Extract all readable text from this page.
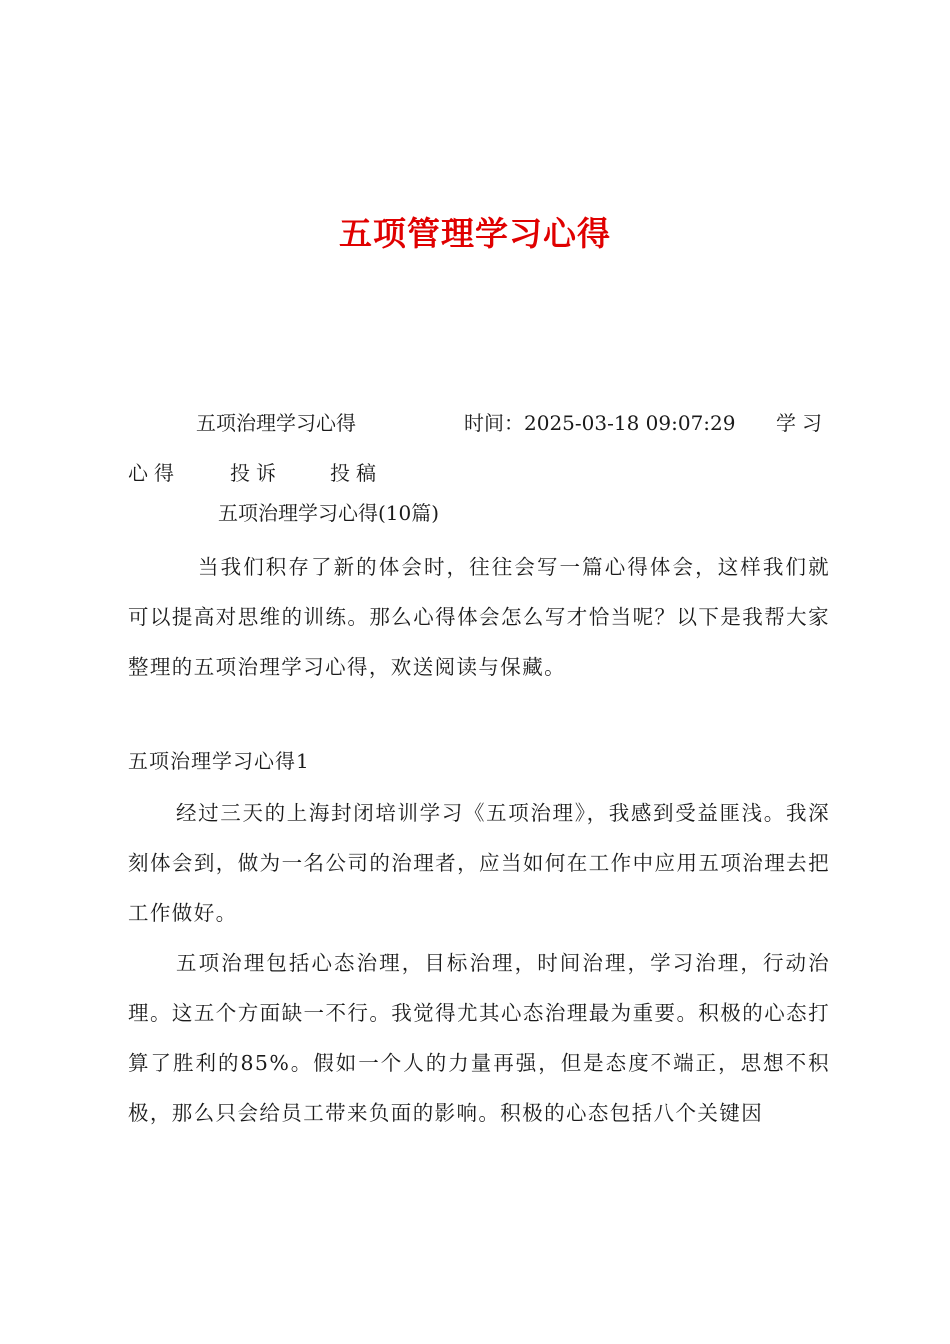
五项管理学习心得
五项治理学习心得	时间：2025-03-18 09:07:29 学习
心得	投诉 投稿
五项治理学习心得(10篇)

当我们积存了新的体会时，往往会写一篇心得体会，这样我们就可以提高对思维的训练。那么心得体会怎么写才恰当呢？以下是我帮大家整理的五项治理学习心得，欢送阅读与保藏。

五项治理学习心得1

经过三天的上海封闭培训学习《五项治理》，我感到受益匪浅。我深刻体会到，做为一名公司的治理者，应当如何在工作中应用五项治理去把工作做好。

五项治理包括心态治理，目标治理，时间治理，学习治理，行动治理。这五个方面缺一不行。我觉得尤其心态治理最为重要。积极的心态打算了胜利的85%。假如一个人的力量再强，但是态度不端正，思想不积极，那么只会给员工带来负面的影响。积极的心态包括八个关键因
